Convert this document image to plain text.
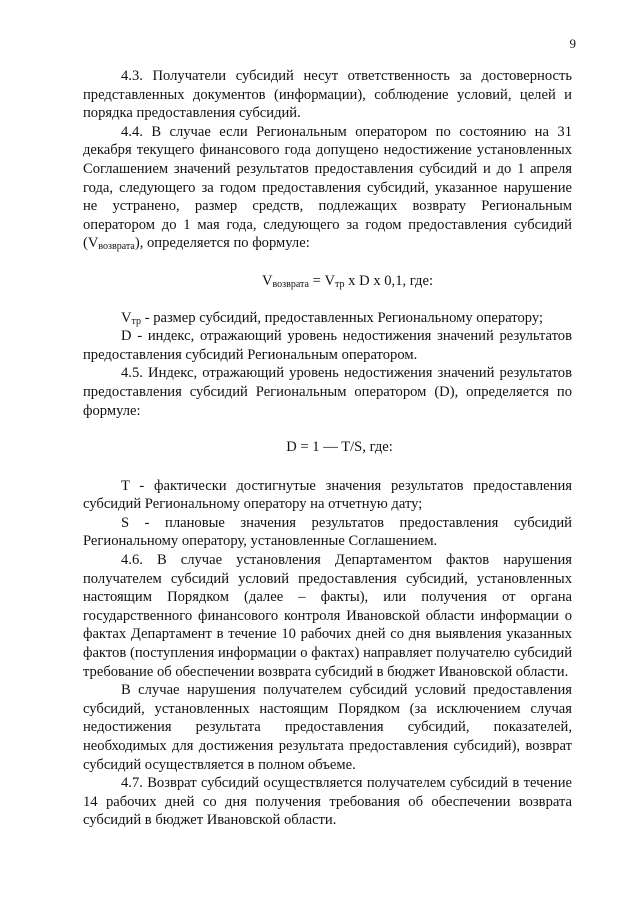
9

4.3. Получатели субсидий несут ответственность за достоверность представленных документов (информации), соблюдение условий, целей и порядка предоставления субсидий.

4.4. В случае если Региональным оператором по состоянию на 31 декабря текущего финансового года допущено недостижение установленных Соглашением значений результатов предоставления субсидий и до 1 апреля года, следующего за годом предоставления субсидий, указанное нарушение не устранено, размер средств, подлежащих возврату Региональным оператором до 1 мая года, следующего за годом предоставления субсидий $(V_{возврата})$, определяется по формуле:

$V_{возврата} = V_{тр}$ x D x 0,1, где:

$V_{тр}$ - размер субсидий, предоставленных Региональному оператору;

D - индекс, отражающий уровень недостижения значений результатов предоставления субсидий Региональным оператором.

4.5. Индекс, отражающий уровень недостижения значений результатов предоставления субсидий Региональным оператором (D), определяется по формуле:

D = 1 — T/S, где:

T - фактически достигнутые значения результатов предоставления субсидий Региональному оператору на отчетную дату;

S - плановые значения результатов предоставления субсидий Региональному оператору, установленные Соглашением.

4.6. В случае установления Департаментом фактов нарушения получателем субсидий условий предоставления субсидий, установленных настоящим Порядком (далее – факты), или получения от органа государственного финансового контроля Ивановской области информации о фактах Департамент в течение 10 рабочих дней со дня выявления указанных фактов (поступления информации о фактах) направляет получателю субсидий требование об обеспечении возврата субсидий в бюджет Ивановской области.

В случае нарушения получателем субсидий условий предоставления субсидий, установленных настоящим Порядком (за исключением случая недостижения результата предоставления субсидий, показателей, необходимых для достижения результата предоставления субсидий), возврат субсидий осуществляется в полном объеме.

4.7. Возврат субсидий осуществляется получателем субсидий в течение 14 рабочих дней со дня получения требования об обеспечении возврата субсидий в бюджет Ивановской области.
